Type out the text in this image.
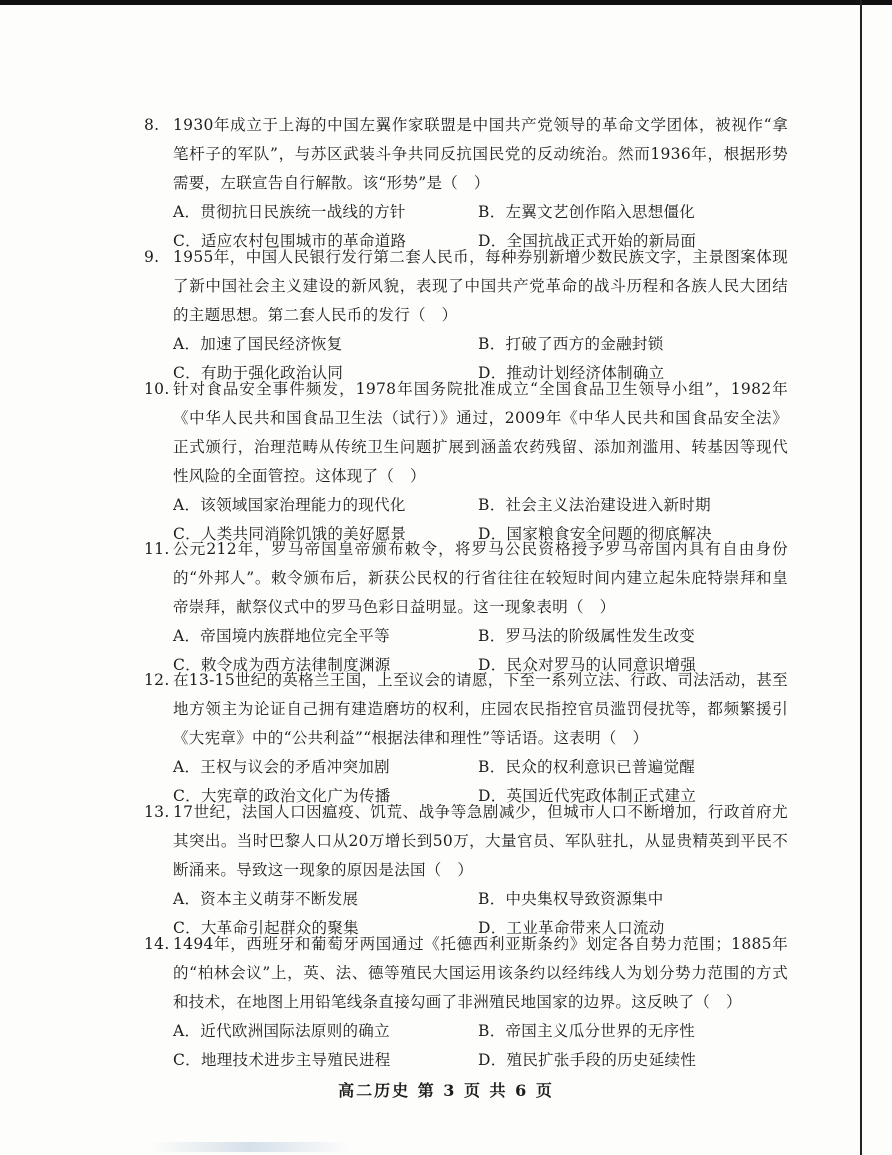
8. 1930年成立于上海的中国左翼作家联盟是中国共产党领导的革命文学团体，被视作“拿笔杆子的军队”，与苏区武装斗争共同反抗国民党的反动统治。然而1936年，根据形势需要，左联宣告自行解散。该“形势”是（　）
A．贯彻抗日民族统一战线的方针	B．左翼文艺创作陷入思想僵化
C．适应农村包围城市的革命道路	D．全国抗战正式开始的新局面
9. 1955年，中国人民银行发行第二套人民币，每种券别新增少数民族文字，主景图案体现了新中国社会主义建设的新风貌，表现了中国共产党革命的战斗历程和各族人民大团结的主题思想。第二套人民币的发行（　）
A．加速了国民经济恢复	B．打破了西方的金融封锁
C．有助于强化政治认同	D．推动计划经济体制确立
10. 针对食品安全事件频发，1978年国务院批准成立“全国食品卫生领导小组”，1982年《中华人民共和国食品卫生法（试行）》通过，2009年《中华人民共和国食品安全法》正式颁行，治理范畴从传统卫生问题扩展到涵盖农药残留、添加剂滥用、转基因等现代性风险的全面管控。这体现了（　）
A．该领域国家治理能力的现代化	B．社会主义法治建设进入新时期
C．人类共同消除饥饿的美好愿景	D．国家粮食安全问题的彻底解决
11. 公元212年，罗马帝国皇帝颁布敕令，将罗马公民资格授予罗马帝国内具有自由身份的“外邦人”。敕令颁布后，新获公民权的行省往往在较短时间内建立起朱庇特崇拜和皇帝崇拜，献祭仪式中的罗马色彩日益明显。这一现象表明（　）
A．帝国境内族群地位完全平等	B．罗马法的阶级属性发生改变
C．敕令成为西方法律制度渊源	D．民众对罗马的认同意识增强
12. 在13-15世纪的英格兰王国，上至议会的请愿，下至一系列立法、行政、司法活动，甚至地方领主为论证自己拥有建造磨坊的权利，庄园农民指控官员滥罚侵扰等，都频繁援引《大宪章》中的“公共利益”“根据法律和理性”等话语。这表明（　）
A．王权与议会的矛盾冲突加剧	B．民众的权利意识已普遍觉醒
C．大宪章的政治文化广为传播	D．英国近代宪政体制正式建立
13. 17世纪，法国人口因瘟疫、饥荒、战争等急剧减少，但城市人口不断增加，行政首府尤其突出。当时巴黎人口从20万增长到50万，大量官员、军队驻扎，从显贵精英到平民不断涌来。导致这一现象的原因是法国（　）
A．资本主义萌芽不断发展	B．中央集权导致资源集中
C．大革命引起群众的聚集	D．工业革命带来人口流动
14. 1494年，西班牙和葡萄牙两国通过《托德西利亚斯条约》划定各自势力范围；1885年的“柏林会议”上，英、法、德等殖民大国运用该条约以经纬线人为划分势力范围的方式和技术，在地图上用铅笔线条直接勾画了非洲殖民地国家的边界。这反映了（　）
A．近代欧洲国际法原则的确立	B．帝国主义瓜分世界的无序性
C．地理技术进步主导殖民进程	D．殖民扩张手段的历史延续性
高二历史 第 3 页 共 6 页
